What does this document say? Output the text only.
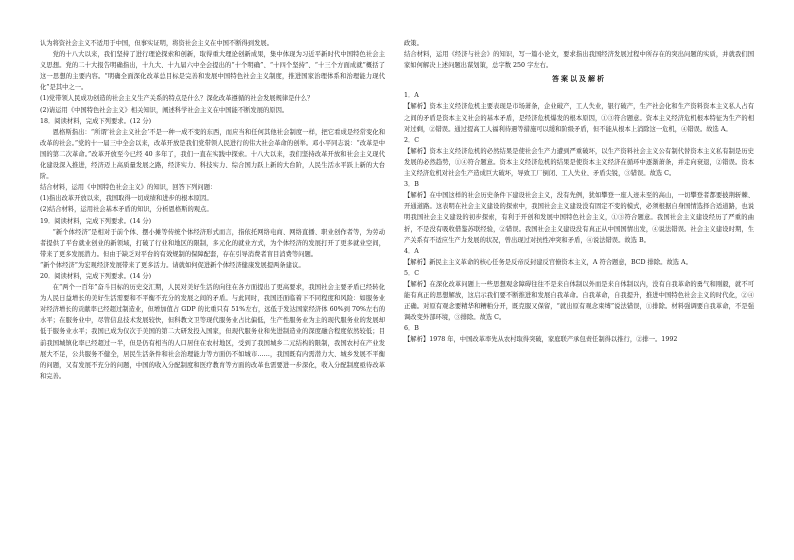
认为将资社会主义不适用于中国，但事实证明，将资社会主义在中国不断得到发展。

党的十八大以来，我们坚持了进行理论探索和创新，取得重大理论创新成果，集中体现为习近平新时代中国特色社会主义思想。党的二十大报告明确指出，十九大、十九届六中全会提出的“十个明确”、“十四个坚持”、“十三个方面成就”概括了这一思想的主要内容。“明确全面深化改革总目标是完善和发展中国特色社会主义制度，推进国家治理体系和治理能力现代化”是其中之一。

(1)党带领人民成功创造的社会主义生产关系的特点是什么？深化改革遵循的社会发展规律是什么？

(2)请运用《中国特色社会主义》相关知识，阐述科学社会主义在中国能不断发展的原因。

18．阅读材料，完成下列要求。(12 分)

恩格斯指出：“所谓‘社会主义社会’不是一种一成不变的东西，而应当和任何其他社会制度一样，把它看成是经常变化和改革的社会。”党的十一届三中全会以来，改革开放是我们党带领人民进行的伟大社会革命的创举。邓小平同志说：“改革是中国的第二次革命。”改革开放至今已经 40 多年了，我们一直在实践中探索。十八大以来，我们坚持改革开放和社会主义现代化建设深入推进，经济迈上高质量发展之路，经济实力、科技实力、综合国力跃上新的大台阶，人民生活水平跃上新的大台阶。

结合材料，运用《中国特色社会主义》的知识，回答下列问题：

(1)指出改革开放以来，我国取得一切成绩和进步的根本原因。

(2)结合材料，运用社会基本矛盾的知识，分析恩格斯的观点。

19．阅读材料，完成下列要求。(14 分)

“新个体经济”是相对于前个体、摆小摊等传统个体经济形式而言，指依托网络电商、网络直播、职业创作者等，为劳动者提供了平台就业创业的新领域，打破了行业和地区的限制，多元化的就业方式，为个体经济的发展打开了更多就业空间，带来了更多发展潜力。但由于缺乏对平台的有效规制的保障配套，存在引导消费者盲目消费等问题。

“新个体经济”为宏观经济发展带来了更多活力。请就如何促进新个体经济健康发展提两条建议。

20．阅读材料，完成下列要求。(14 分)

在“两个一百年”奋斗目标的历史交汇期，人民对美好生活的向往在各方面提出了更高要求，我国社会主要矛盾已经转化为人民日益增长的美好生活需要和不平衡不充分的发展之间的矛盾。与此同时，我国还面临着下不同程度和风险：如服务业对经济增长的贡献率已经超过制造业，但增加值占 GDP 的比重只有 51%左右，远低于发达国家经济体 60%到 70%左右的水平；在服务业中，尽管信息技术发展较快，但科教文卫等现代服务业占比偏低，生产性服务业为主的现代服务业的发展却低于服务业水平；我国已成为仅次于美国的第二大研发投入国家，但现代服务业和先进制造业的深度融合程度依然较低；目前我国城镇化率已经超过一半，但是仍有相当的人口居住在农村地区，受到了我国城乡二元结构的限制，我国农村在产业发展大不足，公共服务不健全，居民生活条件和社会治理能力等方面仍不如城市……，我国既有内需潜力大、城乡发展不平衡的问题，又有发展不充分的问题，中国的收入分配制度和医疗教育等方面的改革也需要进一步深化，收入分配制度亟待改革和完善。

政策。

结合材料，运用《经济与社会》的知识，写一篇小论文，要求指出我国经济发展过程中所存在的突出问题的实质，并就我们国家如何解决上述问题出谋划策，总字数 250 字左右。

答案以及解析

1．A

【解析】资本主义经济危机主要表现是市场萧条，企业破产，工人失业，银行破产，生产社会化和生产资料资本主义私人占有之间的矛盾是资本主义社会的基本矛盾，是经济危机爆发的根本原因，①③符合题意。资本主义经济危机根本特征为生产的相对过剩，②错误。通过提高工人福利待遇等措施可以缓和阶级矛盾，但不能从根本上消除这一危机，④错误。故选 A。

2．C

【解析】资本主义经济危机的必然结果是使社会生产力遭到严重破坏，以生产资料社会主义公有制代替资本主义私有制是历史发展的必然趋势，①④符合题意。资本主义经济危机的结果是使资本主义经济在循环中逐渐萧条，并走向衰退，②错误。资本主义经济危机对社会生产造成巨大破坏，导致工厂倒闭、工人失业、矛盾尖锐，③错误。故选 C。

3．B

【解析】在中国这样的社会历史条件下建设社会主义，没有先例，犹如攀登一座人迹未至的高山，一切攀登者都要披荆斩棘、开通道路。这表明在社会主义建设的探索中，我国社会主义建设没有固定不变的模式，必须根据自身国情选择合适道路，也说明我国社会主义建设的初步探索，有利于开创和发展中国特色社会主义，①③符合题意。我国社会主义建设经历了严重的曲折，不是没有吸收借鉴苏联经验，②错误。我国社会主义建设没有真正从中国国情出发，④说法错误。社会主义建设时期，生产关系有不适应生产力发展的状况，曾出现过对抗性冲突和矛盾，④说法错误。故选 B。

4．A

【解析】新民主主义革命的核心任务是反帝反封建反官僚资本主义，A 符合题意，BCD 排除。故选 A。

5．C

【解析】在深化改革问题上一些思想观念障碍往往不是来自体制以外而是来自体制以内，没有自我革命的勇气和刚毅，就不可能有真正的思想解放，这启示我们要不断推进和发展自我革命。自我革命，自我提升，推进中国特色社会主义的时代化，②④正确。对原有观念要精华和糟粕分开，既克服又保留，“就出原有观念束缚”说法错误，①排除。材料强调要自我革命，不是强调改变外部环境，③排除。故选 C。

6．B

【解析】1978 年，中国改革率先从农村取得突破，家庭联产承包责任制得以推行，②排一。1992
